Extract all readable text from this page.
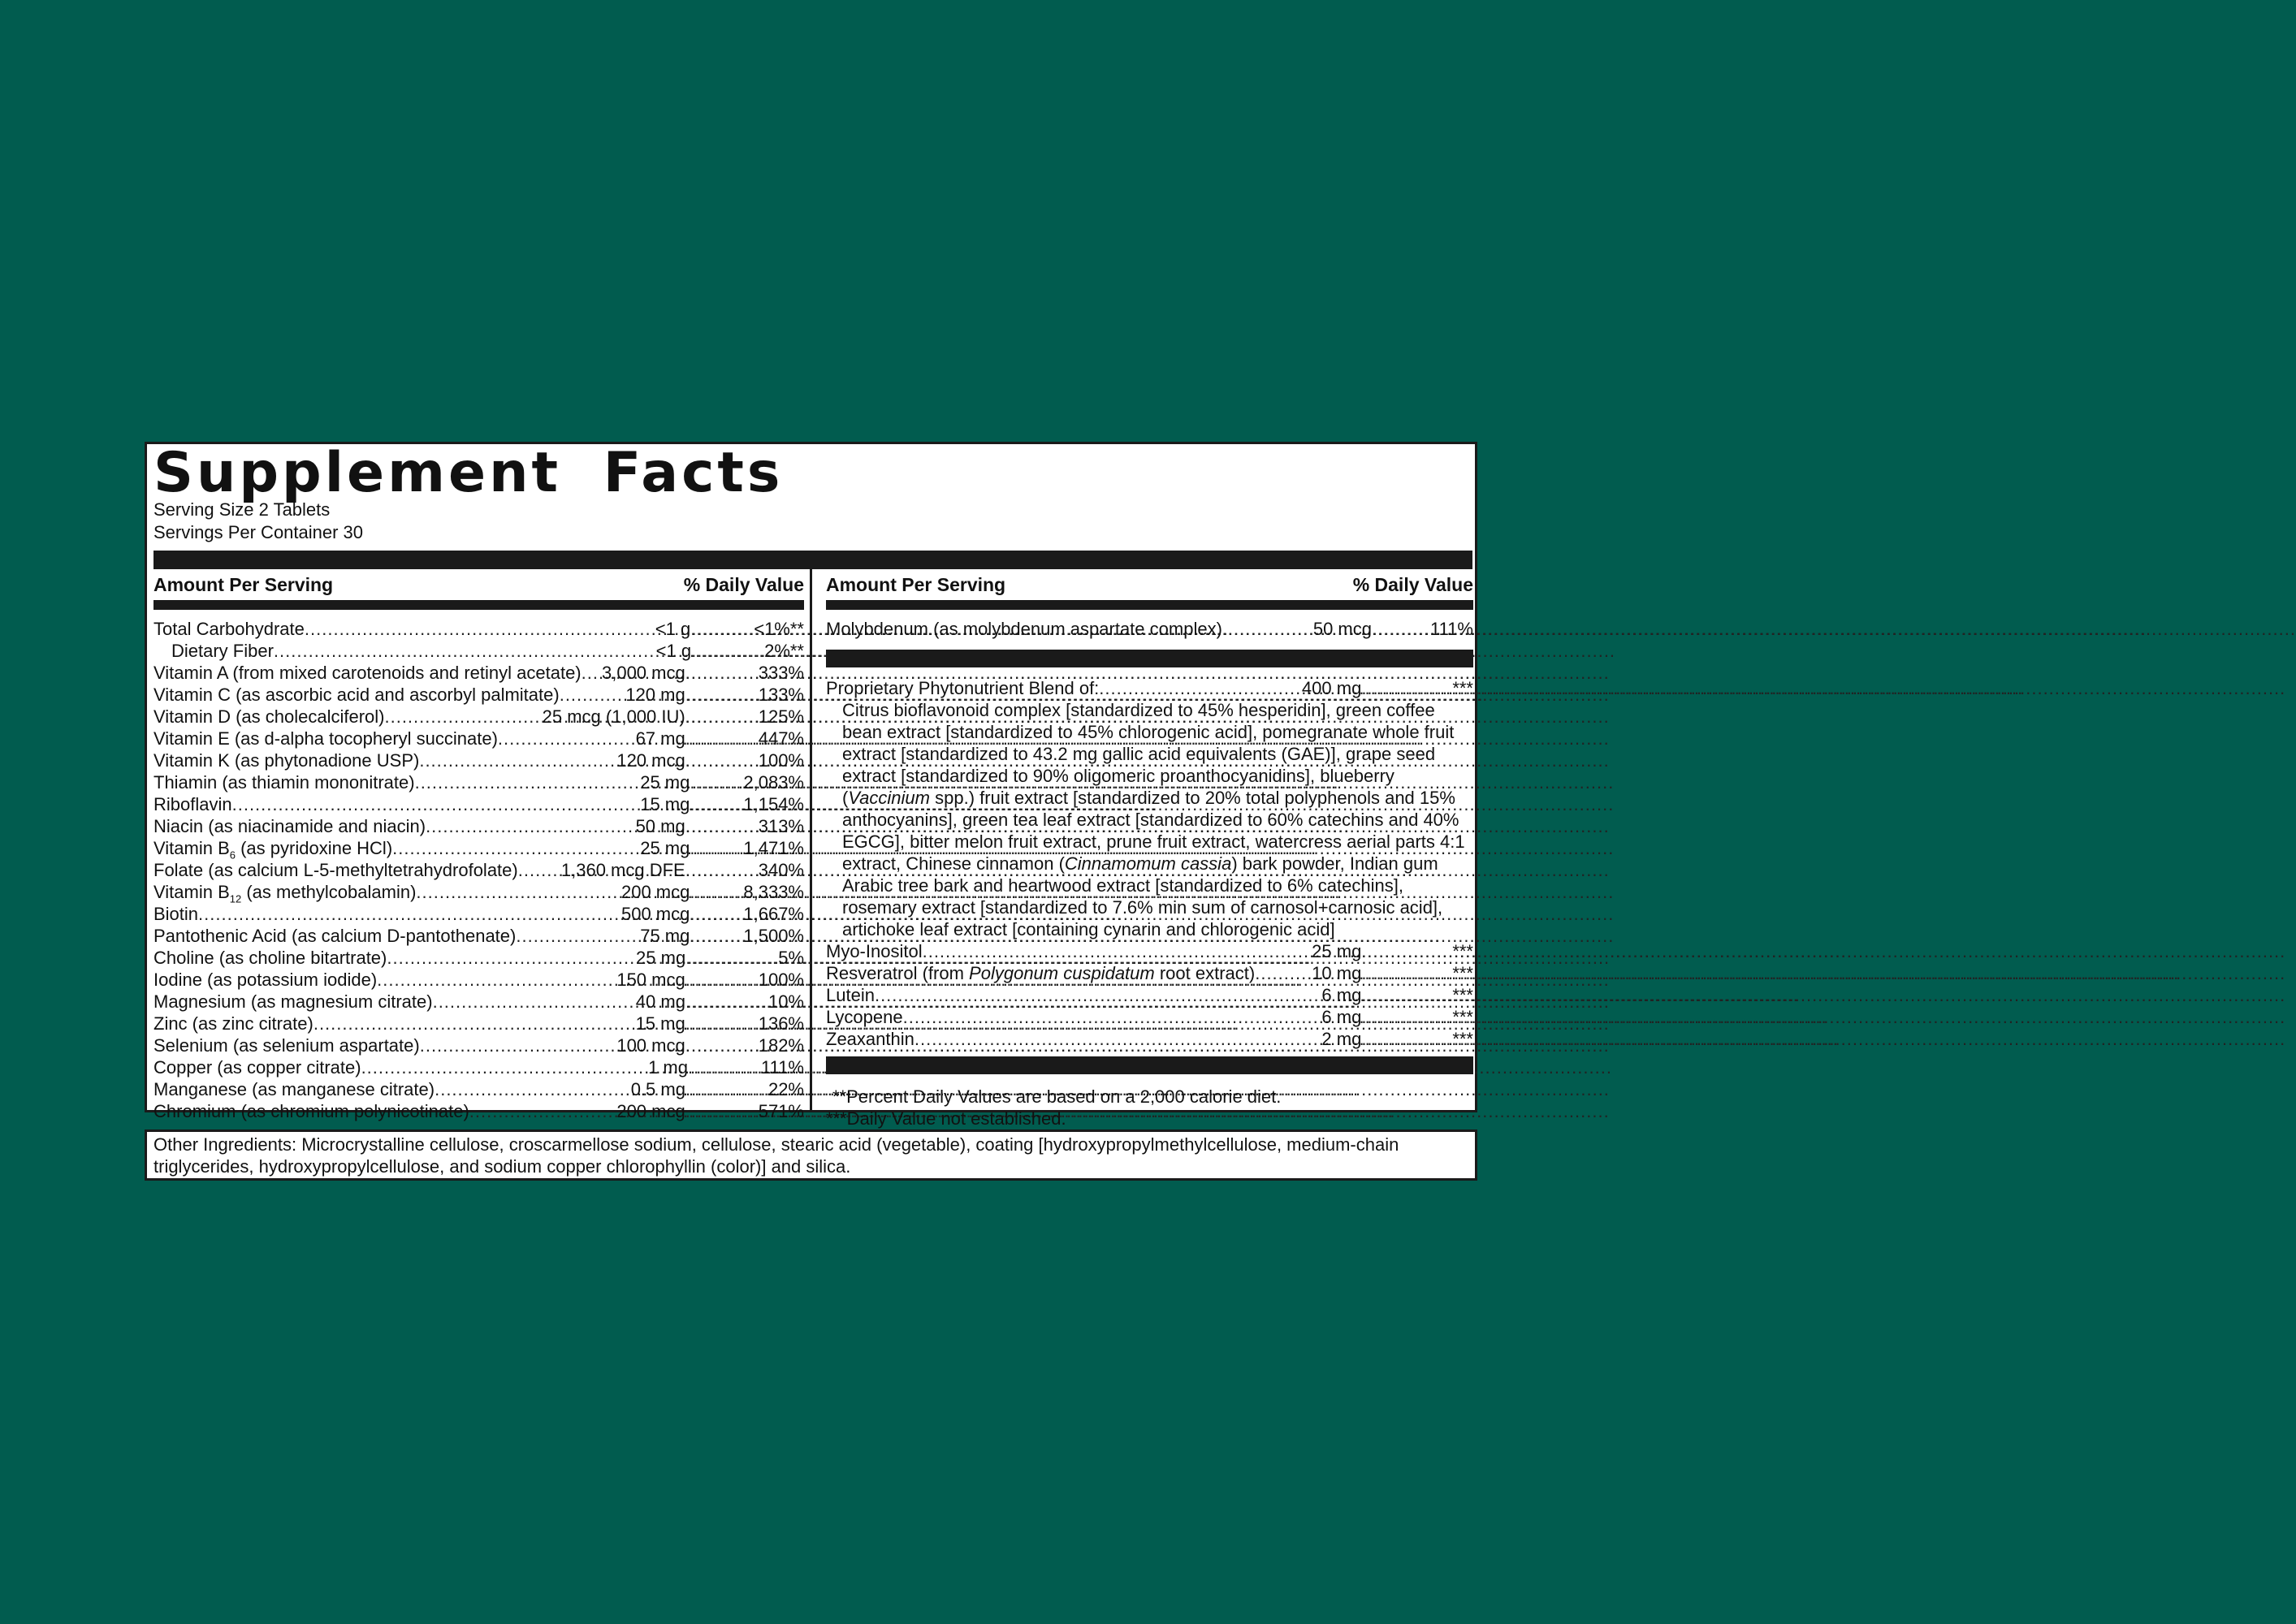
Supplement Facts
Serving Size 2 Tablets
Servings Per Container 30
Amount Per Serving	% Daily Value
Total Carbohydrate .....	<1 g .....	<1%**
Dietary Fiber .....	<1 g .....	2%**
Vitamin A (from mixed carotenoids and retinyl acetate) ..... 3,000 mcg .....	333%
Vitamin C (as ascorbic acid and ascorbyl palmitate) .....	120 mg .....	133%
Vitamin D (as cholecalciferol) .....	25 mcg (1,000 IU) .....	125%
Vitamin E (as d-alpha tocopheryl succinate) .....	67 mg .....	447%
Vitamin K (as phytonadione USP) .....	120 mcg .....	100%
Thiamin (as thiamin mononitrate) .....	25 mg .....	2,083%
Riboflavin .....	15 mg .....	1,154%
Niacin (as niacinamide and niacin) .....	50 mg .....	313%
Vitamin $B_6$ (as pyridoxine HCl) .....	25 mg .....	1,471%
Folate (as calcium L-5-methyltetrahydrofolate) ..... 1,360 mcg DFE .....	340%
Vitamin $B_{12}$ (as methylcobalamin) .....	200 mcg .....	8,333%
Biotin .....	500 mcg .....	1,667%
Pantothenic Acid (as calcium D-pantothenate) .....	75 mg .....	1,500%
Choline (as choline bitartrate) .....	25 mg .....	5%
Iodine (as potassium iodide) .....	150 mcg .....	100%
Magnesium (as magnesium citrate) .....	40 mg .....	10%
Zinc (as zinc citrate) .....	15 mg .....	136%
Selenium (as selenium aspartate) .....	100 mcg .....	182%
Copper (as copper citrate) .....	1 mg .....	111%
Manganese (as manganese citrate) .....	0.5 mg .....	22%
Chromium (as chromium polynicotinate) .....	200 mcg .....	571%
Amount Per Serving	% Daily Value
Molybdenum (as molybdenum aspartate complex) .....	50 mcg .....	111%
Proprietary Phytonutrient Blend of: .....	400 mg .....	***

Citrus bioflavonoid complex [standardized to 45% hesperidin], green coffee bean extract [standardized to 45% chlorogenic acid], pomegranate whole fruit extract [standardized to 43.2 mg gallic acid equivalents (GAE)], grape seed extract [standardized to 90% oligomeric proanthocyanidins], blueberry (Vaccinium spp.) fruit extract [standardized to 20% total polyphenols and 15% anthocyanins], green tea leaf extract [standardized to 60% catechins and 40% EGCG], bitter melon fruit extract, prune fruit extract, watercress aerial parts 4:1 extract, Chinese cinnamon (Cinnamomum cassia) bark powder, Indian gum Arabic tree bark and heartwood extract [standardized to 6% catechins], rosemary extract [standardized to 7.6% min sum of carnosol+carnosic acid], artichoke leaf extract [containing cynarin and chlorogenic acid]

Myo-Inositol .....	25 mg .....	***
Resveratrol (from Polygonum cuspidatum root extract) .....	10 mg .....	***
Lutein .....	6 mg .....	***
Lycopene .....	6 mg .....	***
Zeaxanthin .....	2 mg .....	***
**Percent Daily Values are based on a 2,000 calorie diet.
***Daily Value not established.
Other Ingredients: Microcrystalline cellulose, croscarmellose sodium, cellulose, stearic acid (vegetable), coating [hydroxypropylmethylcellulose, medium-chain triglycerides, hydroxypropylcellulose, and sodium copper chlorophyllin (color)] and silica.
